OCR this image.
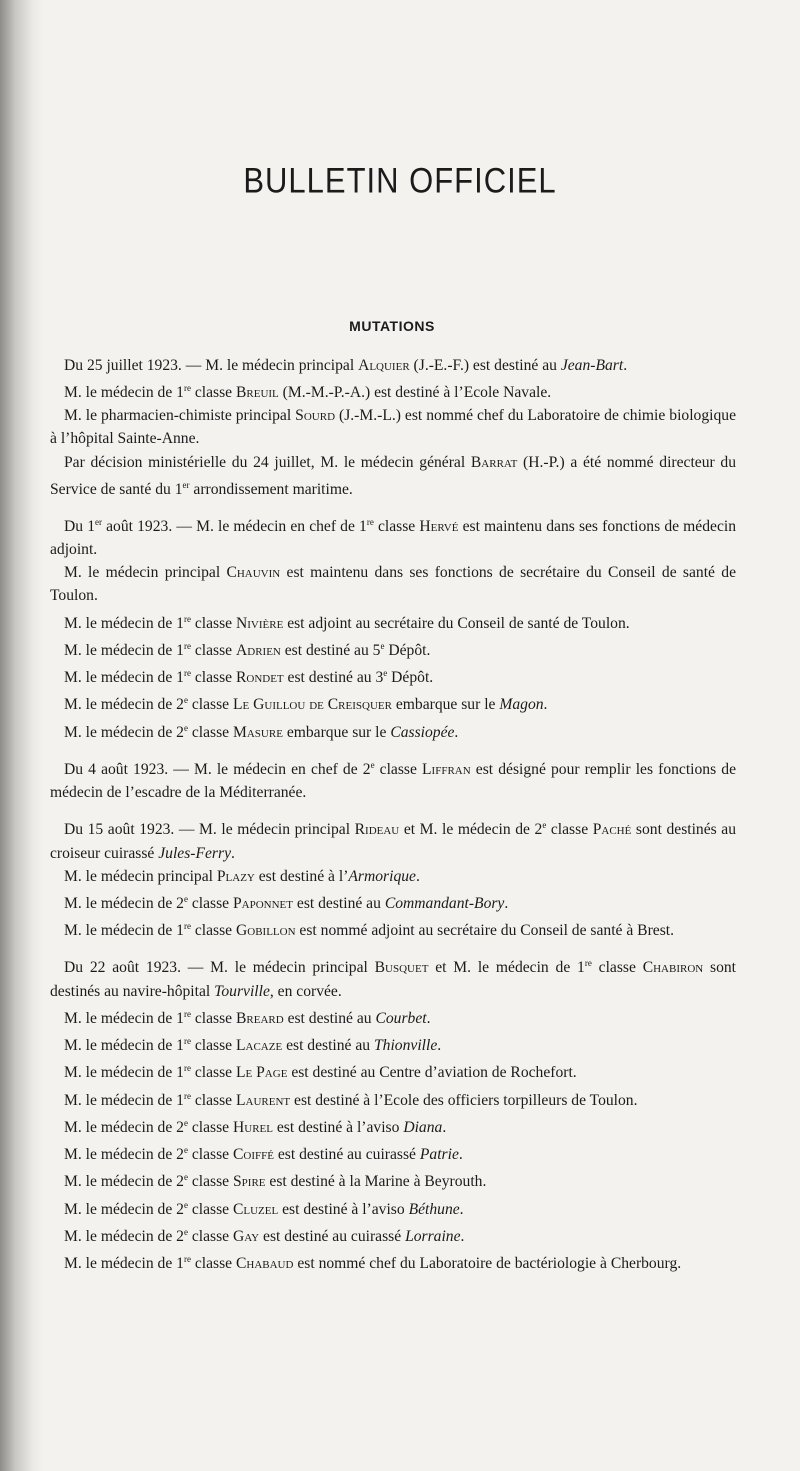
BULLETIN OFFICIEL
MUTATIONS

Du 25 juillet 1923. — M. le médecin principal Alquier (J.-E.-F.) est destiné au Jean-Bart.

M. le médecin de 1re classe Breuil (M.-M.-P.-A.) est destiné à l’Ecole Navale.

M. le pharmacien-chimiste principal Sourd (J.-M.-L.) est nommé chef du Laboratoire de chimie biologique à l’hôpital Sainte-Anne.

Par décision ministérielle du 24 juillet, M. le médecin général Barrat (H.-P.) a été nommé directeur du Service de santé du 1er arrondissement maritime.

Du 1er août 1923. — M. le médecin en chef de 1re classe Hervé est maintenu dans ses fonctions de médecin adjoint.

M. le médecin principal Chauvin est maintenu dans ses fonctions de secrétaire du Conseil de santé de Toulon.

M. le médecin de 1re classe Nivière est adjoint au secrétaire du Conseil de santé de Toulon.

M. le médecin de 1re classe Adrien est destiné au 5e Dépôt.

M. le médecin de 1re classe Rondet est destiné au 3e Dépôt.

M. le médecin de 2e classe Le Guillou de Creisquer embarque sur le Magon.

M. le médecin de 2e classe Masure embarque sur le Cassiopée.

Du 4 août 1923. — M. le médecin en chef de 2e classe Liffran est désigné pour remplir les fonctions de médecin de l’escadre de la Méditerranée.

Du 15 août 1923. — M. le médecin principal Rideau et M. le médecin de 2e classe Paché sont destinés au croiseur cuirassé Jules-Ferry.

M. le médecin principal Plazy est destiné à l’Armorique.

M. le médecin de 2e classe Paponnet est destiné au Commandant-Bory.

M. le médecin de 1re classe Gobillon est nommé adjoint au secrétaire du Conseil de santé à Brest.

Du 22 août 1923. — M. le médecin principal Busquet et M. le médecin de 1re classe Chabiron sont destinés au navire-hôpital Tourville, en corvée.

M. le médecin de 1re classe Breard est destiné au Courbet.

M. le médecin de 1re classe Lacaze est destiné au Thionville.

M. le médecin de 1re classe Le Page est destiné au Centre d’aviation de Rochefort.

M. le médecin de 1re classe Laurent est destiné à l’Ecole des officiers torpilleurs de Toulon.

M. le médecin de 2e classe Hurel est destiné à l’aviso Diana.

M. le médecin de 2e classe Coiffé est destiné au cuirassé Patrie.

M. le médecin de 2e classe Spire est destiné à la Marine à Beyrouth.

M. le médecin de 2e classe Cluzel est destiné à l’aviso Béthune.

M. le médecin de 2e classe Gay est destiné au cuirassé Lorraine.

M. le médecin de 1re classe Chabaud est nommé chef du Laboratoire de bactériologie à Cherbourg.
